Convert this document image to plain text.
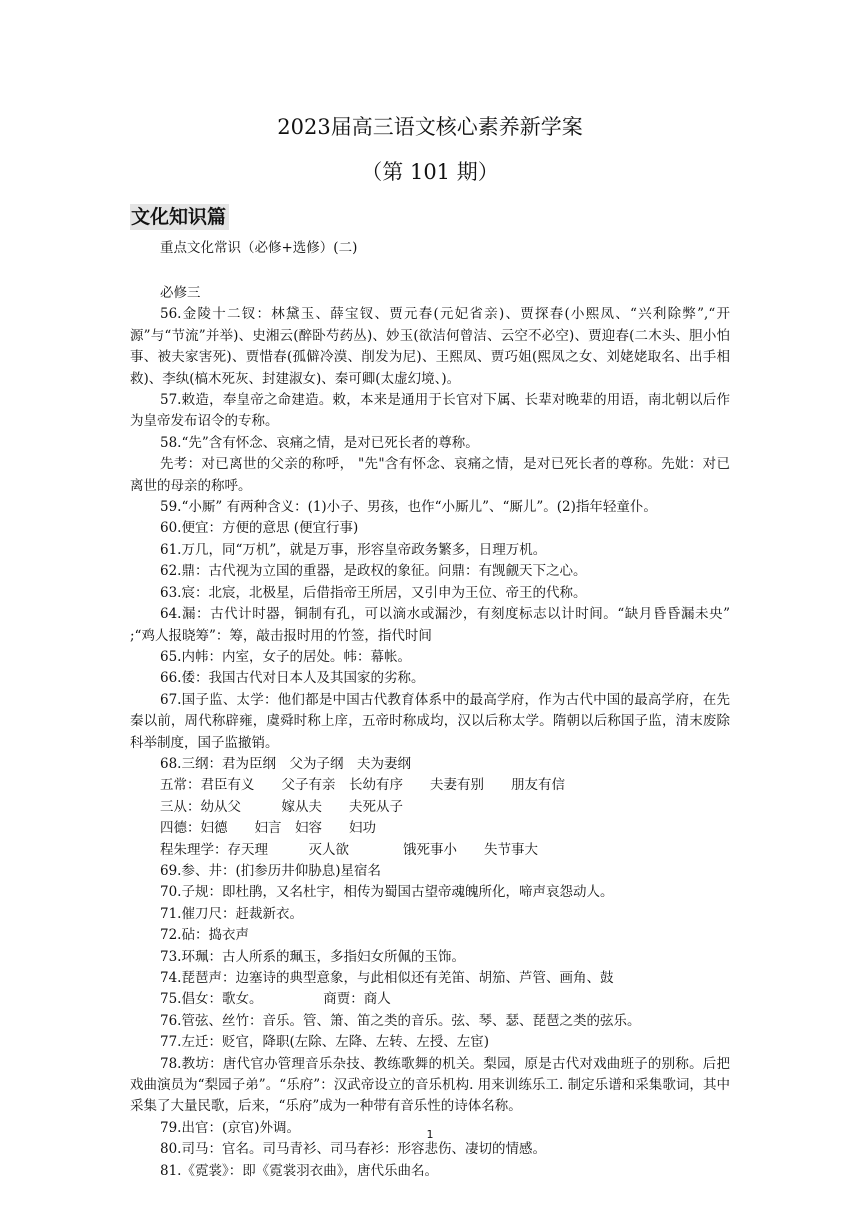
2023届高三语文核心素养新学案
（第 101 期）
文化知识篇
重点文化常识（必修+选修）(二)

必修三

56.金陵十二钗：林黛玉、薛宝钗、贾元春(元妃省亲)、贾探春(小熙凤、“兴利除弊”,“开源”与“节流”并举)、史湘云(醉卧芍药丛)、妙玉(欲洁何曾洁、云空不必空)、贾迎春(二木头、胆小怕事、被夫家害死)、贾惜春(孤僻冷漠、削发为尼)、王熙凤、贾巧姐(熙凤之女、刘姥姥取名、出手相救)、李纨(槁木死灰、封建淑女)、秦可卿(太虚幻境、)。

57.敕造，奉皇帝之命建造。敕，本来是通用于长官对下属、长辈对晚辈的用语，南北朝以后作为皇帝发布诏令的专称。

58.“先”含有怀念、哀痛之情，是对已死长者的尊称。

先考：对已离世的父亲的称呼， "先"含有怀念、哀痛之情，是对已死长者的尊称。先妣：对已离世的母亲的称呼。

59.“小厮” 有两种含义：(1)小子、男孩，也作“小厮儿”、“厮儿”。(2)指年轻童仆。

60.便宜：方便的意思 (便宜行事)

61.万几，同“万机”，就是万事，形容皇帝政务繁多，日理万机。

62.鼎：古代视为立国的重器，是政权的象征。问鼎：有觊觎天下之心。

63.宸：北宸，北极星，后借指帝王所居，又引申为王位、帝王的代称。

64.漏：古代计时器，铜制有孔，可以滴水或漏沙，有刻度标志以计时间。“缺月昏昏漏未央” ;“鸡人报晓筹”：筹，敲击报时用的竹签，指代时间

65.内帏：内室，女子的居处。帏：幕帐。

66.倭：我国古代对日本人及其国家的劣称。

67.国子监、太学：他们都是中国古代教育体系中的最高学府，作为古代中国的最高学府，在先秦以前，周代称辟雍，虞舜时称上庠，五帝时称成均，汉以后称太学。隋朝以后称国子监，清末废除科举制度，国子监撤销。

68.三纲：君为臣纲　父为子纲　夫为妻纲

五常：君臣有义　　父子有亲　长幼有序　　夫妻有别　　朋友有信

三从：幼从父　　　嫁从夫　　夫死从子

四德：妇德　　妇言　妇容　　妇功

程朱理学：存天理　　　灭人欲　　　　饿死事小　　失节事大

69.参、井：(扪参历井仰胁息)星宿名

70.子规：即杜鹃，又名杜宇，相传为蜀国古望帝魂魄所化，啼声哀怨动人。

71.催刀尺：赶裁新衣。

72.砧：捣衣声

73.环珮：古人所系的珮玉，多指妇女所佩的玉饰。

74.琵琶声：边塞诗的典型意象，与此相似还有羌笛、胡笳、芦管、画角、鼓

75.倡女：歌女。　　　　　商贾：商人

76.管弦、丝竹：音乐。管、箫、笛之类的音乐。弦、琴、瑟、琵琶之类的弦乐。

77.左迁：贬官，降职(左除、左降、左转、左授、左宦)

78.教坊：唐代官办管理音乐杂技、教练歌舞的机关。梨园，原是古代对戏曲班子的别称。后把戏曲演员为“梨园子弟”。“乐府”：汉武帝设立的音乐机构. 用来训练乐工. 制定乐谱和采集歌词，其中采集了大量民歌，后来，“乐府”成为一种带有音乐性的诗体名称。

79.出官：(京官)外调。

80.司马：官名。司马青衫、司马春衫：形容悲伤、凄切的情感。

81.《霓裳》：即《霓裳羽衣曲》，唐代乐曲名。

1
